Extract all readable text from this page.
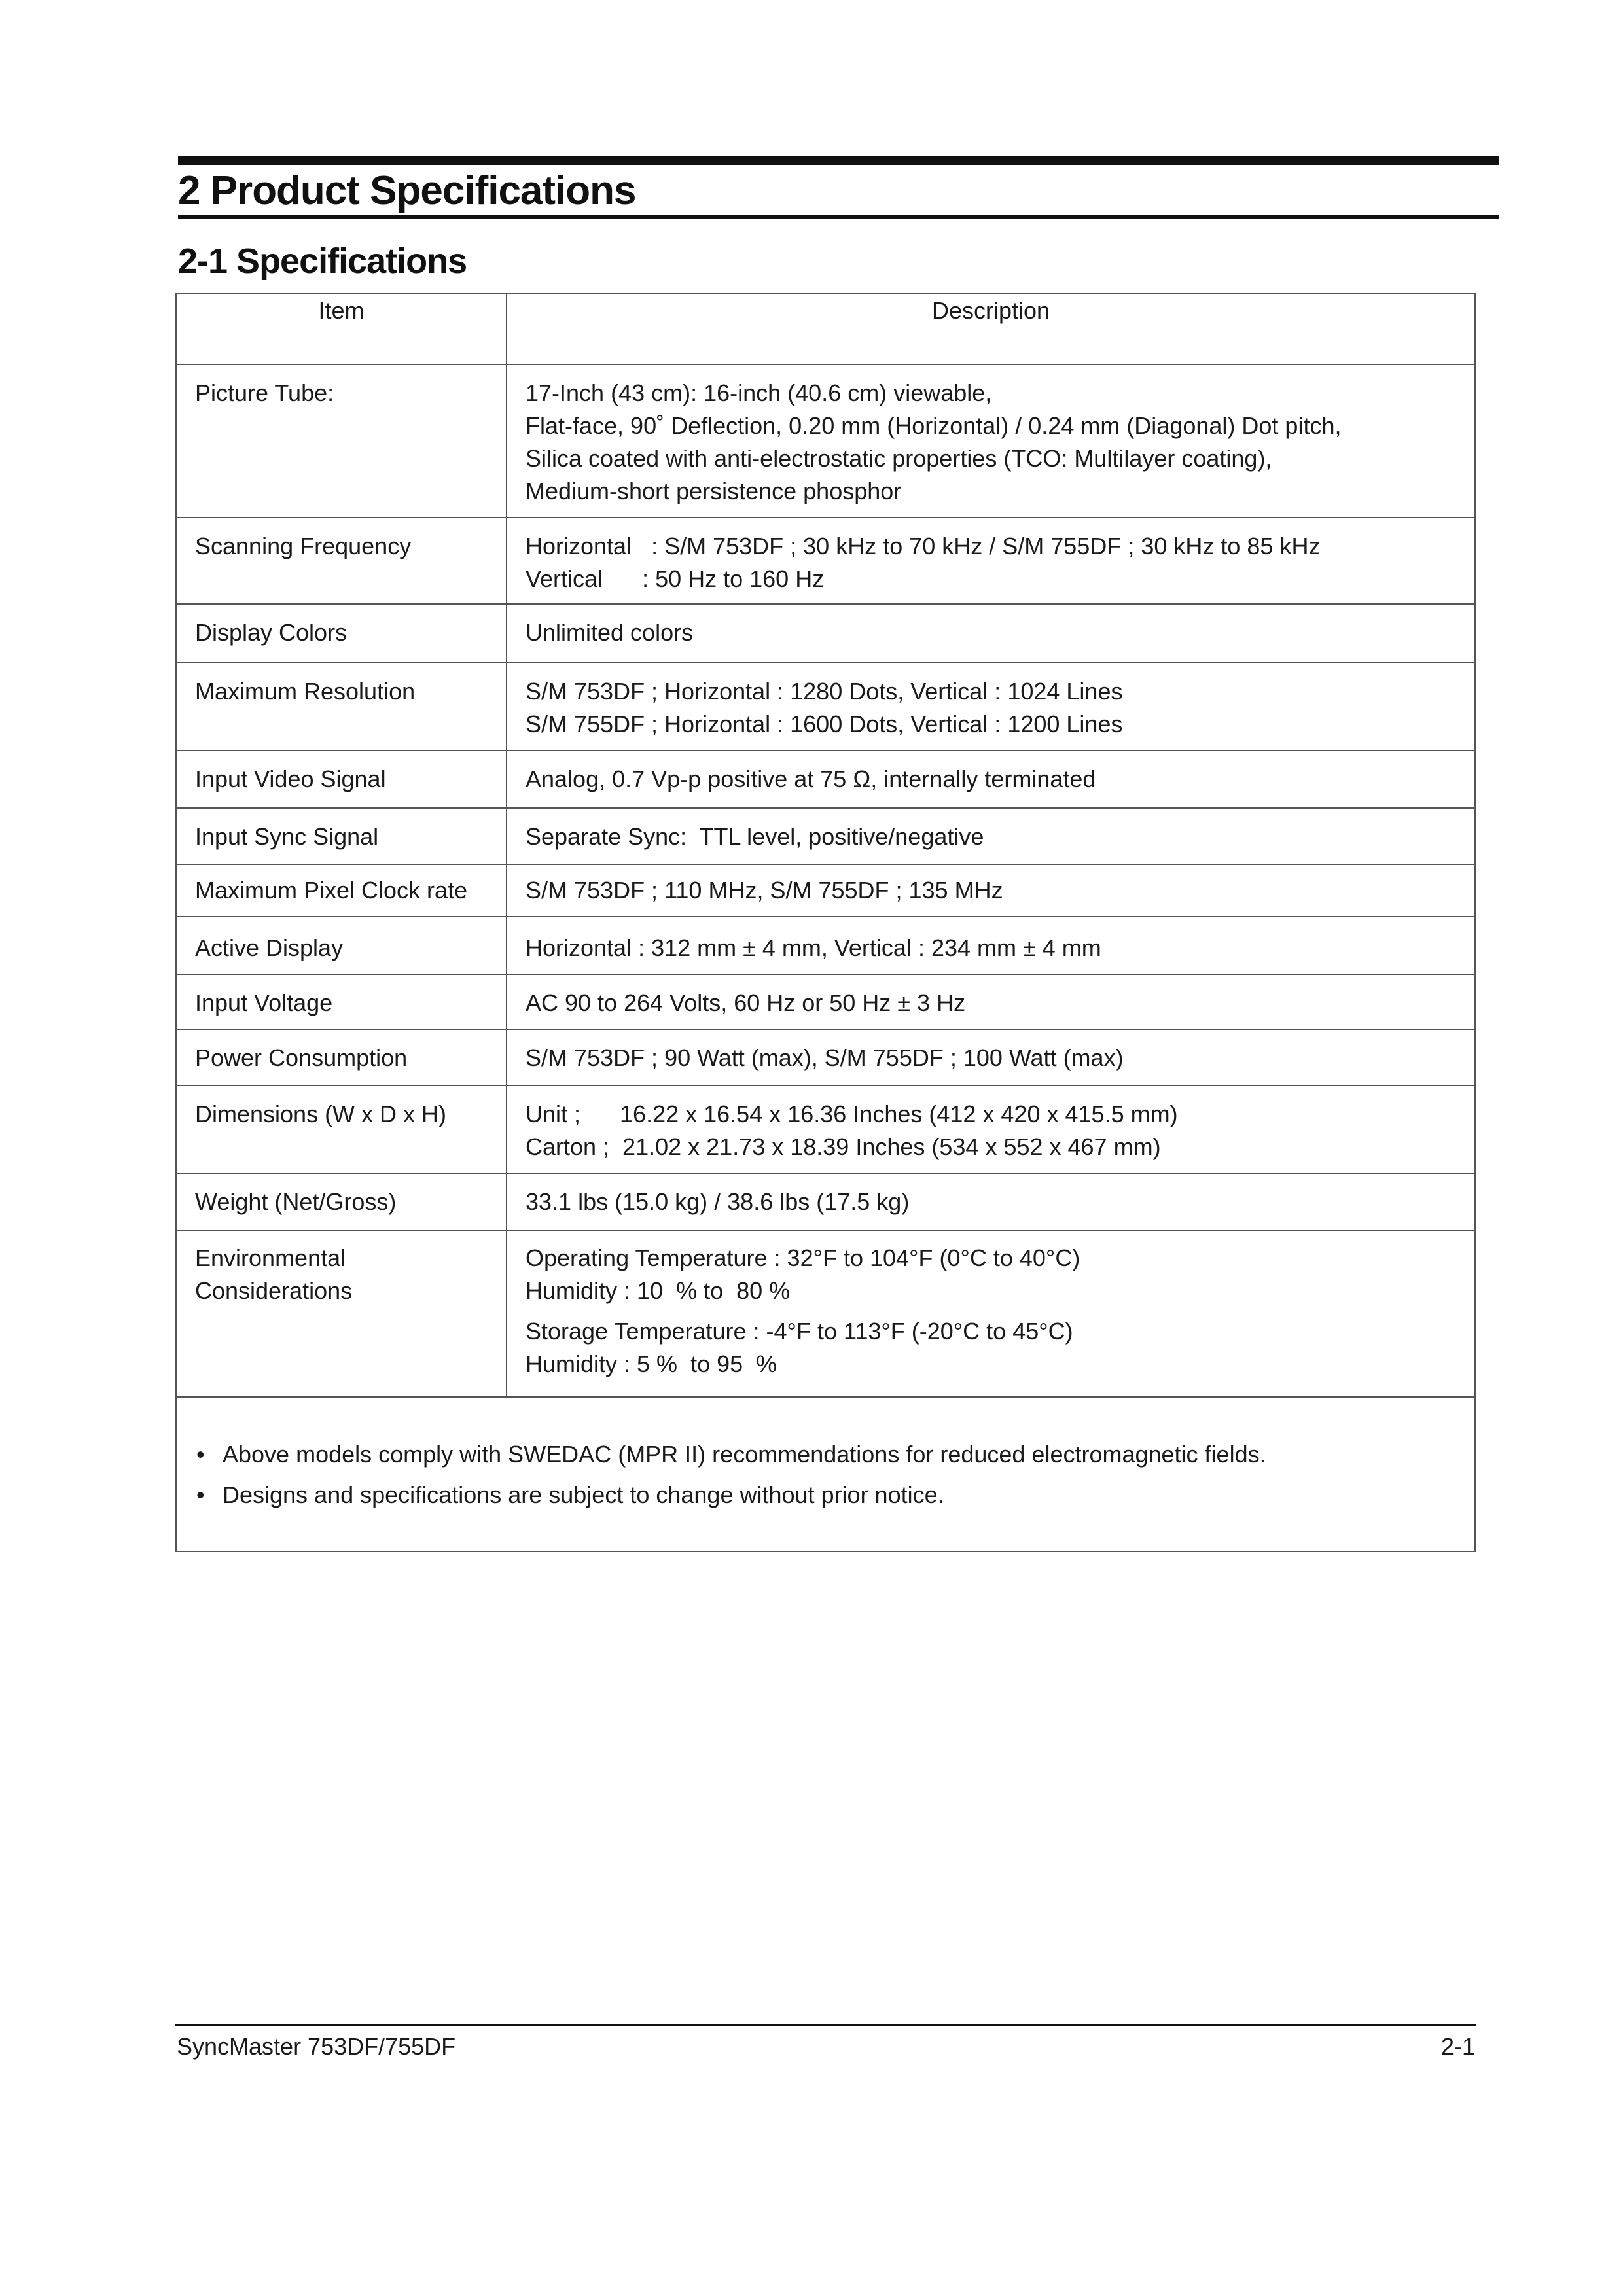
2 Product Specifications
2-1 Specifications
Item	Description
Picture Tube:	17-Inch (43 cm): 16-inch (40.6 cm) viewable,
Flat-face, 90˚ Deflection, 0.20 mm (Horizontal) / 0.24 mm (Diagonal) Dot pitch,
Silica coated with anti-electrostatic properties (TCO: Multilayer coating),
Medium-short persistence phosphor

Scanning Frequency	Horizontal   : S/M 753DF ; 30 kHz to 70 kHz / S/M 755DF ; 30 kHz to 85 kHz
Vertical      : 50 Hz to 160 Hz

Display Colors	Unlimited colors

Maximum Resolution	S/M 753DF ; Horizontal : 1280 Dots, Vertical : 1024 Lines
S/M 755DF ; Horizontal : 1600 Dots, Vertical : 1200 Lines

Input Video Signal	Analog, 0.7 Vp-p positive at 75 Ω, internally terminated

Input Sync Signal	Separate Sync:  TTL level, positive/negative

Maximum Pixel Clock rate	S/M 753DF ; 110 MHz, S/M 755DF ; 135 MHz

Active Display	Horizontal : 312 mm ± 4 mm, Vertical : 234 mm ± 4 mm

Input Voltage	AC 90 to 264 Volts, 60 Hz or 50 Hz ± 3 Hz

Power Consumption	S/M 753DF ; 90 Watt (max), S/M 755DF ; 100 Watt (max)

Dimensions (W x D x H)	Unit ;      16.22 x 16.54 x 16.36 Inches (412 x 420 x 415.5 mm)
Carton ;  21.02 x 21.73 x 18.39 Inches (534 x 552 x 467 mm)

Weight (Net/Gross)	33.1 lbs (15.0 kg) / 38.6 lbs (17.5 kg)

Environmental Considerations	Operating Temperature : 32°F to 104°F (0°C to 40°C)
Humidity : 10  % to  80 %
Storage Temperature : -4°F to 113°F (-20°C to 45°C)
Humidity : 5 %  to 95  %

• Above models comply with SWEDAC (MPR II) recommendations for reduced electromagnetic fields.
• Designs and specifications are subject to change without prior notice.	
SyncMaster 753DF/755DF	2-1
